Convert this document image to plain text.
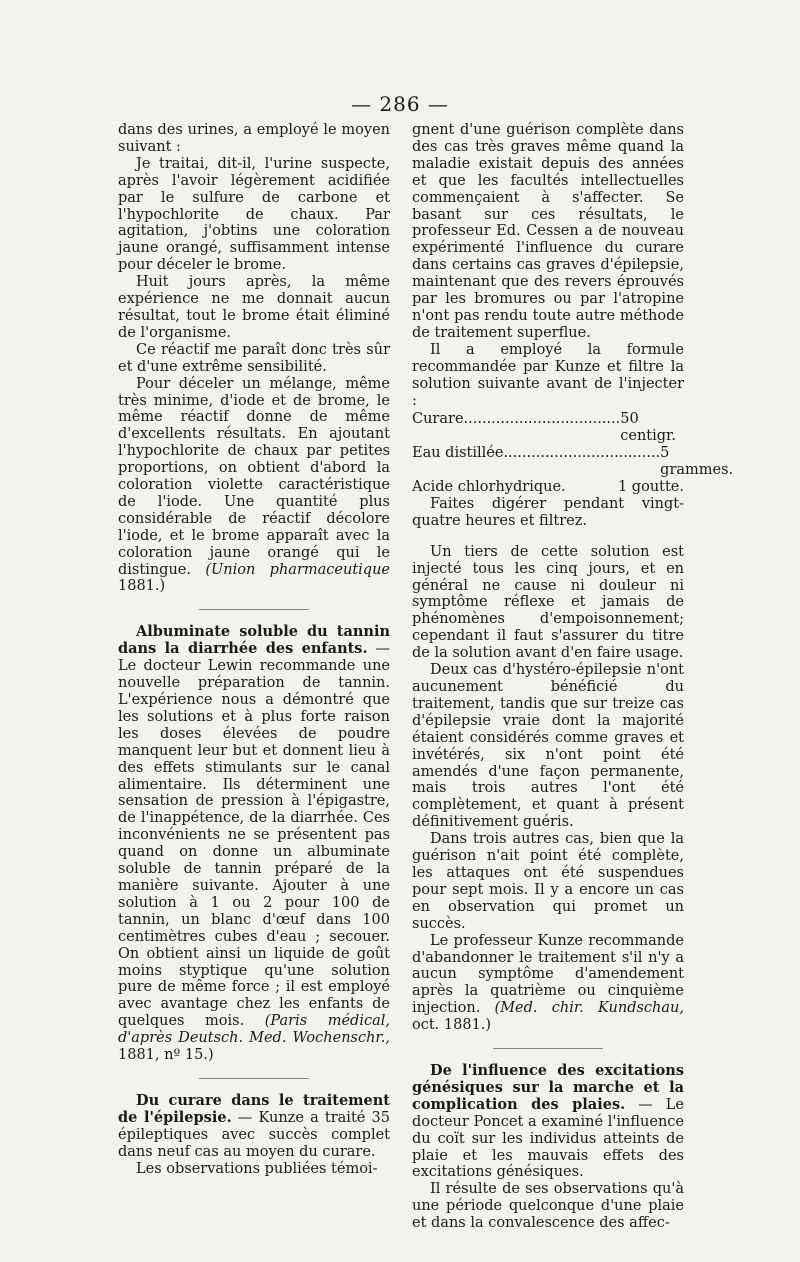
— 286 —

dans des urines, a employé le moyen suivant :

Je traitai, dit-il, l'urine suspecte, après l'avoir légèrement acidifiée par le sulfure de carbone et l'hypochlorite de chaux. Par agitation, j'obtins une coloration jaune orangé, suffisamment intense pour déceler le brome.

Huit jours après, la même expérience ne me donnait aucun résultat, tout le brome était éliminé de l'organisme.

Ce réactif me paraît donc très sûr et d'une extrême sensibilité.

Pour déceler un mélange, même très minime, d'iode et de brome, le même réactif donne de même d'excellents résultats. En ajoutant l'hypochlorite de chaux par petites proportions, on obtient d'abord la coloration violette caractéristique de l'iode. Une quantité plus considérable de réactif décolore l'iode, et le brome apparaît avec la coloration jaune orangé qui le distingue. (Union pharmaceutique 1881.)

Albuminate soluble du tannin dans la diarrhée des enfants. — Le docteur Lewin recommande une nouvelle préparation de tannin. L'expérience nous a démontré que les solutions et à plus forte raison les doses élevées de poudre manquent leur but et donnent lieu à des effets stimulants sur le canal alimentaire. Ils déterminent une sensation de pression à l'épigastre, de l'inappétence, de la diarrhée. Ces inconvénients ne se présentent pas quand on donne un albuminate soluble de tannin préparé de la manière suivante. Ajouter à une solution à 1 ou 2 pour 100 de tannin, un blanc d'œuf dans 100 centimètres cubes d'eau ; secouer. On obtient ainsi un liquide de goût moins styptique qu'une solution pure de même force ; il est employé avec avantage chez les enfants de quelques mois. (Paris médical, d'après Deutsch. Med. Wochenschr., 1881, nº 15.)

Du curare dans le traitement de l'épilepsie. — Kunze a traité 35 épileptiques avec succès complet dans neuf cas au moyen du curare.

Les observations publiées témoi-

gnent d'une guérison complète dans des cas très graves même quand la maladie existait depuis des années et que les facultés intellectuelles commençaient à s'affecter. Se basant sur ces résultats, le professeur Ed. Cessen a de nouveau expérimenté l'influence du curare dans certains cas graves d'épilepsie, maintenant que des revers éprouvés par les bromures ou par l'atropine n'ont pas rendu toute autre méthode de traitement superflue.

Il a employé la formule recommandée par Kunze et filtre la solution suivante avant de l'injecter :

Curare.................................. 50 centigr.
Eau distillée.................................. 5 grammes.
Acide chlorhydrique.	1 goutte.

Faites digérer pendant vingt-quatre heures et filtrez.

Un tiers de cette solution est injecté tous les cinq jours, et en général ne cause ni douleur ni symptôme réflexe et jamais de phénomènes d'empoisonnement; cependant il faut s'assurer du titre de la solution avant d'en faire usage.

Deux cas d'hystéro-épilepsie n'ont aucunement bénéficié du traitement, tandis que sur treize cas d'épilepsie vraie dont la majorité étaient considérés comme graves et invétérés, six n'ont point été amendés d'une façon permanente, mais trois autres l'ont été complètement, et quant à présent définitivement guéris.

Dans trois autres cas, bien que la guérison n'ait point été complète, les attaques ont été suspendues pour sept mois. Il y a encore un cas en observation qui promet un succès.

Le professeur Kunze recommande d'abandonner le traitement s'il n'y a aucun symptôme d'amendement après la quatrième ou cinquième injection. (Med. chir. Kundschau, oct. 1881.)

De l'influence des excitations génésiques sur la marche et la complication des plaies. — Le docteur Poncet a examiné l'influence du coït sur les individus atteints de plaie et les mauvais effets des excitations génésiques.

Il résulte de ses observations qu'à une période quelconque d'une plaie et dans la convalescence des affec-
